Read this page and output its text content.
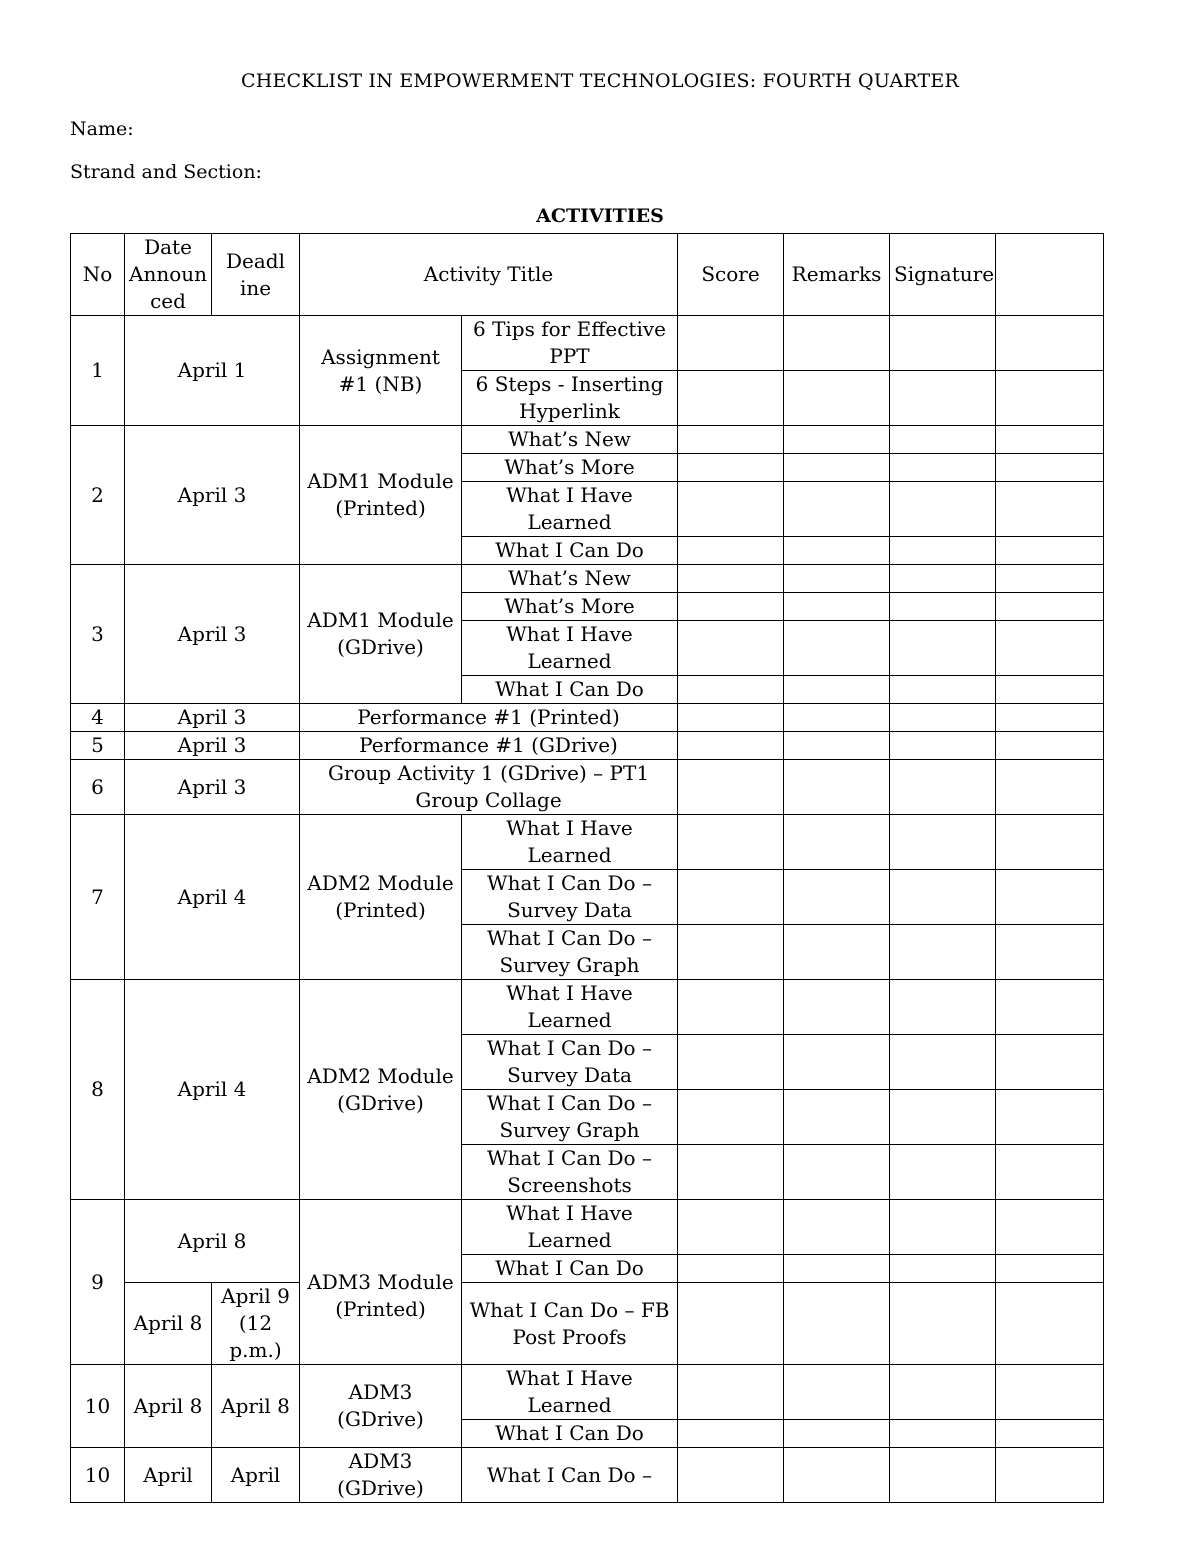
CHECKLIST IN EMPOWERMENT TECHNOLOGIES: FOURTH QUARTER
Name:
Strand and Section:
ACTIVITIES
No	Date Announ ced	Deadl ine	Activity Title		Score	Remarks	Signature	
1	April 1		Assignment #1 (NB)	6 Tips for Effective PPT				
				6 Steps - Inserting Hyperlink				
2	April 3		ADM1 Module (Printed)	What’s New				
				What’s More				
				What I Have Learned				
				What I Can Do				
3	April 3		ADM1 Module (GDrive)	What’s New				
				What’s More				
				What I Have Learned				
				What I Can Do				
4	April 3		Performance #1 (Printed)					
5	April 3		Performance #1 (GDrive)					
6	April 3		Group Activity 1 (GDrive) – PT1 Group Collage					
7	April 4		ADM2 Module (Printed)	What I Have Learned				
				What I Can Do – Survey Data				
				What I Can Do – Survey Graph				
8	April 4		ADM2 Module (GDrive)	What I Have Learned				
				What I Can Do – Survey Data				
				What I Can Do – Survey Graph				
				What I Can Do – Screenshots				
9	April 8		ADM3 Module (Printed)	What I Have Learned				
				What I Can Do				
	April 8	April 9 (12 p.m.)		What I Can Do – FB Post Proofs				
10	April 8	April 8	ADM3 (GDrive)	What I Have Learned				
				What I Can Do				
10	April	April	ADM3 (GDrive)	What I Can Do –				
